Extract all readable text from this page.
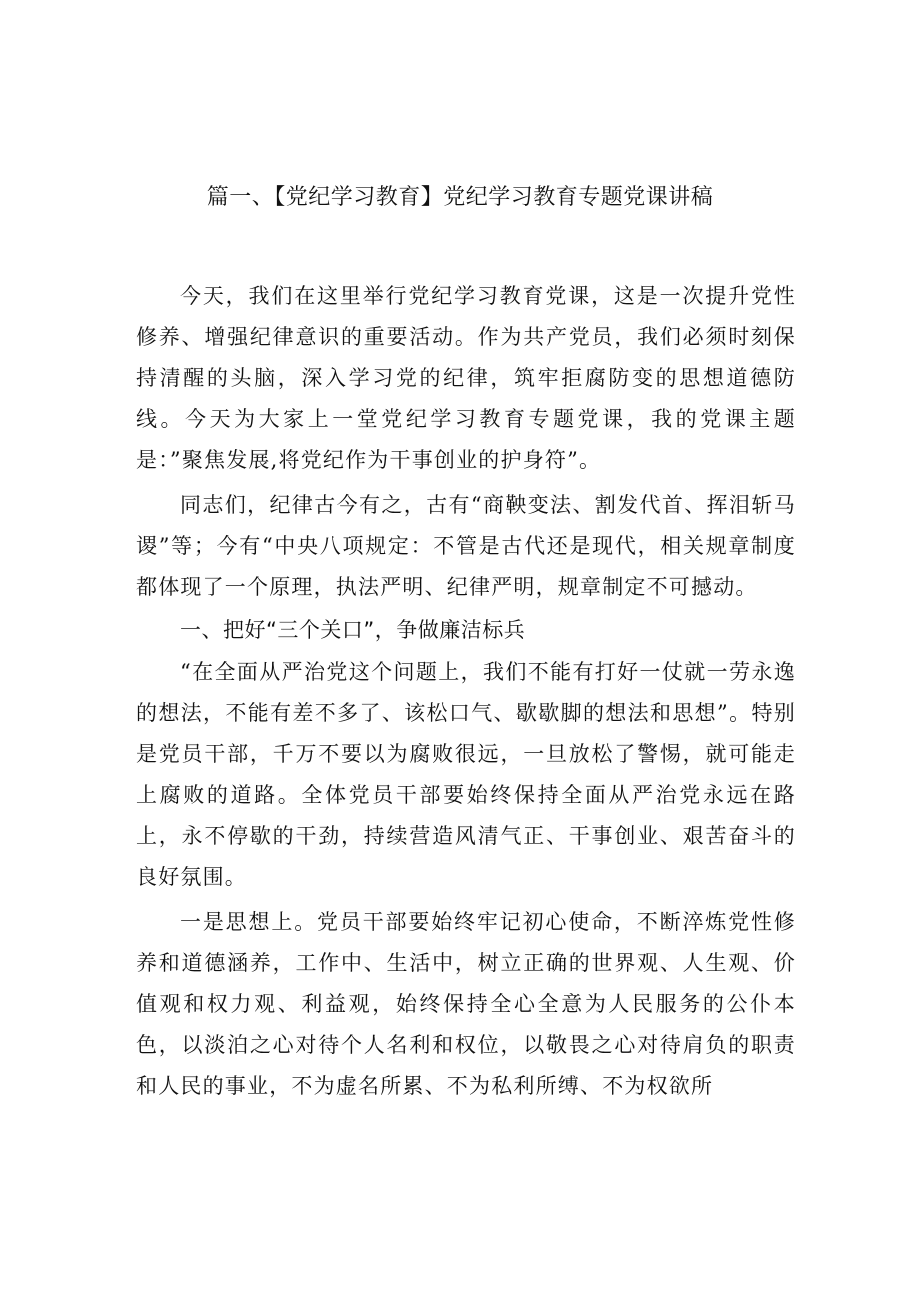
篇一、【党纪学习教育】党纪学习教育专题党课讲稿

今天，我们在这里举行党纪学习教育党课，这是一次提升党性修养、增强纪律意识的重要活动。作为共产党员，我们必须时刻保持清醒的头脑，深入学习党的纪律，筑牢拒腐防变的思想道德防线。今天为大家上一堂党纪学习教育专题党课，我的党课主题是：”聚焦发展,将党纪作为干事创业的护身符”。

同志们，纪律古今有之，古有“商鞅变法、割发代首、挥泪斩马谡”等；今有“中央八项规定：不管是古代还是现代，相关规章制度都体现了一个原理，执法严明、纪律严明，规章制定不可撼动。

一、把好“三个关口”，争做廉洁标兵

“在全面从严治党这个问题上，我们不能有打好一仗就一劳永逸的想法，不能有差不多了、该松口气、歇歇脚的想法和思想”。特别是党员干部，千万不要以为腐败很远，一旦放松了警惕，就可能走上腐败的道路。全体党员干部要始终保持全面从严治党永远在路上，永不停歇的干劲，持续营造风清气正、干事创业、艰苦奋斗的良好氛围。

一是思想上。党员干部要始终牢记初心使命，不断淬炼党性修养和道德涵养，工作中、生活中，树立正确的世界观、人生观、价值观和权力观、利益观，始终保持全心全意为人民服务的公仆本色，以淡泊之心对待个人名利和权位，以敬畏之心对待肩负的职责和人民的事业，不为虚名所累、不为私利所缚、不为权欲所
